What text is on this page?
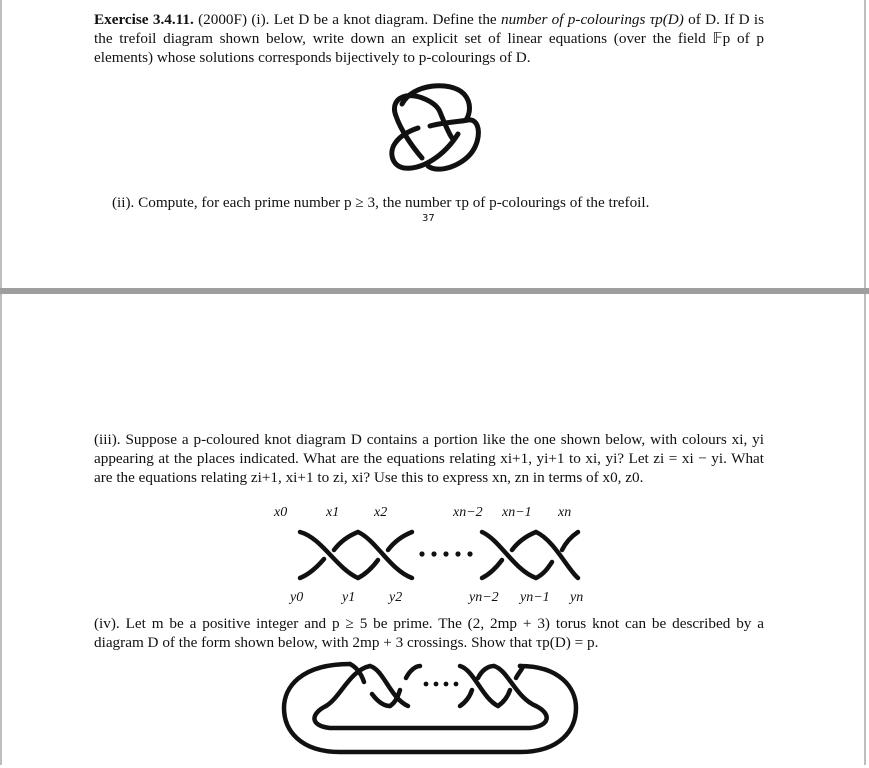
Exercise 3.4.11. (2000F) (i). Let D be a knot diagram. Define the number of p-colourings τp(D) of D. If D is the trefoil diagram shown below, write down an explicit set of linear equations (over the field 𝔽p of p elements) whose solutions corresponds bijectively to p-colourings of D.

(ii). Compute, for each prime number p ≥ 3, the number τp of p-colourings of the trefoil.

37

(iii). Suppose a p-coloured knot diagram D contains a portion like the one shown below, with colours xi, yi appearing at the places indicated. What are the equations relating xi+1, yi+1 to xi, yi? Let zi = xi − yi. What are the equations relating zi+1, xi+1 to zi, xi? Use this to express xn, zn in terms of x0, z0.

x0	x1 x2	xn−2 xn−1 xn
y0	y1 y2	yn−2 yn−1 yn

(iv). Let m be a positive integer and p ≥ 5 be prime. The (2, 2mp + 3) torus knot can be described by a diagram D of the form shown below, with 2mp + 3 crossings. Show that τp(D) = p.
